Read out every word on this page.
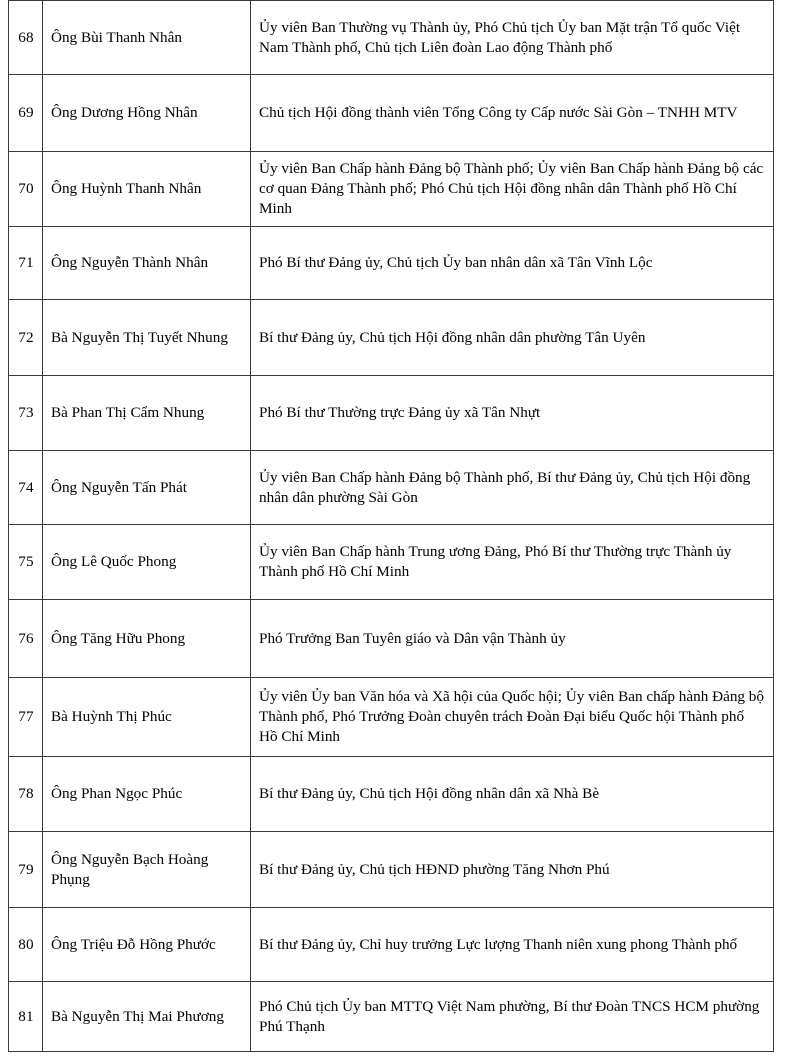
68	Ông Bùi Thanh Nhân	Ủy viên Ban Thường vụ Thành ủy, Phó Chủ tịch Ủy ban Mặt trận Tổ quốc Việt Nam Thành phố, Chủ tịch Liên đoàn Lao động Thành phố
69	Ông Dương Hồng Nhân	Chủ tịch Hội đồng thành viên Tổng Công ty Cấp nước Sài Gòn – TNHH MTV
70	Ông Huỳnh Thanh Nhân	Ủy viên Ban Chấp hành Đảng bộ Thành phố; Ủy viên Ban Chấp hành Đảng bộ các cơ quan Đảng Thành phố; Phó Chủ tịch Hội đồng nhân dân Thành phố Hồ Chí Minh
71	Ông Nguyễn Thành Nhân	Phó Bí thư Đảng ủy, Chủ tịch Ủy ban nhân dân xã Tân Vĩnh Lộc
72	Bà Nguyễn Thị Tuyết Nhung	Bí thư Đảng ủy, Chủ tịch Hội đồng nhân dân phường Tân Uyên
73	Bà Phan Thị Cẩm Nhung	Phó Bí thư Thường trực Đảng ủy xã Tân Nhựt
74	Ông Nguyễn Tấn Phát	Ủy viên Ban Chấp hành Đảng bộ Thành phố, Bí thư Đảng ủy, Chủ tịch Hội đồng nhân dân phường Sài Gòn
75	Ông Lê Quốc Phong	Ủy viên Ban Chấp hành Trung ương Đảng, Phó Bí thư Thường trực Thành ủy Thành phố Hồ Chí Minh
76	Ông Tăng Hữu Phong	Phó Trưởng Ban Tuyên giáo và Dân vận Thành ủy
77	Bà Huỳnh Thị Phúc	Ủy viên Ủy ban Văn hóa và Xã hội của Quốc hội; Ủy viên Ban chấp hành Đảng bộ Thành phố, Phó Trưởng Đoàn chuyên trách Đoàn Đại biểu Quốc hội Thành phố Hồ Chí Minh
78	Ông Phan Ngọc Phúc	Bí thư Đảng ủy, Chủ tịch Hội đồng nhân dân xã Nhà Bè
79	Ông Nguyễn Bạch Hoàng Phụng	Bí thư Đảng ủy, Chủ tịch HĐND phường Tăng Nhơn Phú
80	Ông Triệu Đỗ Hồng Phước	Bí thư Đảng ủy, Chỉ huy trưởng Lực lượng Thanh niên xung phong Thành phố
81	Bà Nguyễn Thị Mai Phương	Phó Chủ tịch Ủy ban MTTQ Việt Nam phường, Bí thư Đoàn TNCS HCM phường Phú Thạnh
